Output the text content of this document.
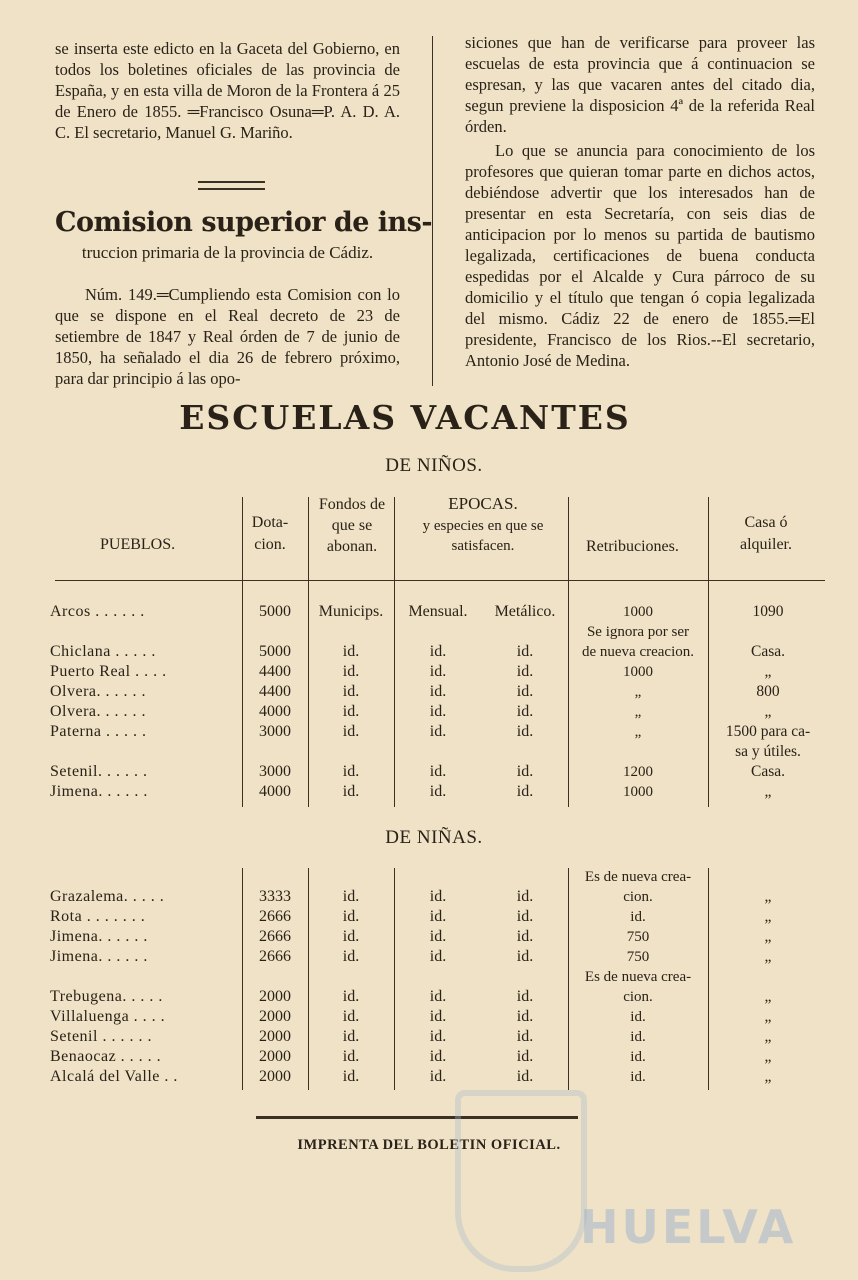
se inserta este edicto en la Gaceta del Gobierno, en todos los boletines oficiales de las provincia de España, y en esta villa de Moron de la Frontera á 25 de Enero de 1855. ═Francisco Osuna═P. A. D. A. C. El secretario, Manuel G. Mariño.

Comision superior de ins-
truccion primaria de la provincia de Cádiz.

Núm. 149.═Cumpliendo esta Comision con lo que se dispone en el Real decreto de 23 de setiembre de 1847 y Real órden de 7 de junio de 1850, ha señalado el dia 26 de febrero próximo, para dar principio á las opo-

siciones que han de verificarse para proveer las escuelas de esta provincia que á continuacion se espresan, y las que vacaren antes del citado dia, segun previene la disposicion 4ª de la referida Real órden.

Lo que se anuncia para conocimiento de los profesores que quieran tomar parte en dichos actos, debiéndose advertir que los interesados han de presentar en esta Secretaría, con seis dias de anticipacion por lo menos su partida de bautismo legalizada, certificaciones de buena conducta espedidas por el Alcalde y Cura párroco de su domicilio y el título que tengan ó copia legalizada del mismo. Cádiz 22 de enero de 1855.═El presidente, Francisco de los Rios.--El secretario, Antonio José de Medina.

ESCUELAS VACANTES
DE NIÑOS.
PUEBLOS.
Dota- cion.
Fondos de que se abonan.
EPOCAS.
y especies en que se satisfacen.	Retribuciones.
Casa ó alquiler.
Arcos . . . . . .	5000	Municips.	Mensual.	Metálico.	1000	1090
					Se ignora por ser	
Chiclana . . . . .	5000	id.	id.	id.	de nueva creacion.	Casa.
Puerto Real . . . .	4400	id.	id.	id.	1000	„
Olvera. . . . . .	4400	id.	id.	id.	„	800
Olvera. . . . . .	4000	id.	id.	id.	„	„
Paterna . . . . .	3000	id.	id.	id.	„	1500 para ca-
						sa y útiles.
Setenil. . . . . .	3000	id.	id.	id.	1200	Casa.
Jimena. . . . . .	4000	id.	id.	id.	1000	„
DE NIÑAS.
					Es de nueva crea-	
Grazalema. . . . .	3333	id.	id.	id.	cion.	„
Rota . . . . . . .	2666	id.	id.	id.	id.	„
Jimena. . . . . .	2666	id.	id.	id.	750	„
Jimena. . . . . .	2666	id.	id.	id.	750	„
					Es de nueva crea-	
Trebugena. . . . .	2000	id.	id.	id.	cion.	„
Villaluenga . . . .	2000	id.	id.	id.	id.	„
Setenil . . . . . .	2000	id.	id.	id.	id.	„
Benaocaz . . . . .	2000	id.	id.	id.	id.	„
Alcalá del Valle . .	2000	id.	id.	id.	id.	„
IMPRENTA DEL BOLETIN OFICIAL.
HUELVA
